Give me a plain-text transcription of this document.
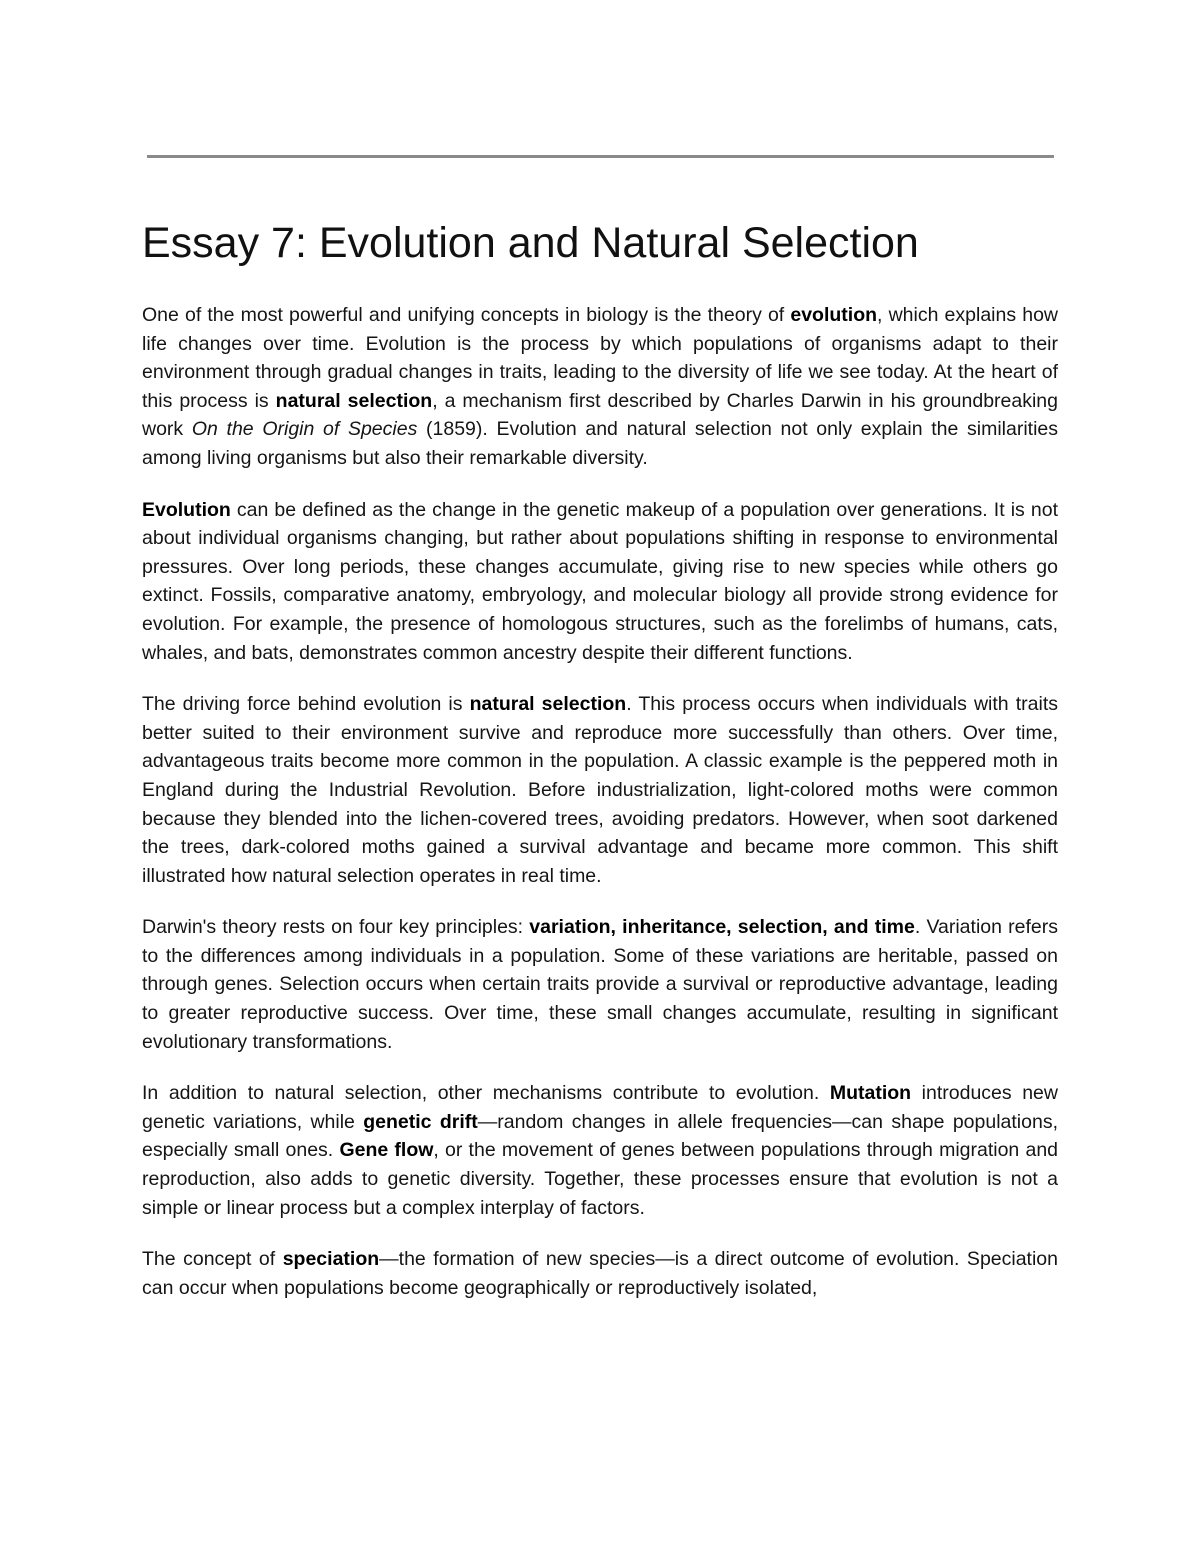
Essay 7: Evolution and Natural Selection

One of the most powerful and unifying concepts in biology is the theory of evolution, which explains how life changes over time. Evolution is the process by which populations of organisms adapt to their environment through gradual changes in traits, leading to the diversity of life we see today. At the heart of this process is natural selection, a mechanism first described by Charles Darwin in his groundbreaking work On the Origin of Species (1859). Evolution and natural selection not only explain the similarities among living organisms but also their remarkable diversity.

Evolution can be defined as the change in the genetic makeup of a population over generations. It is not about individual organisms changing, but rather about populations shifting in response to environmental pressures. Over long periods, these changes accumulate, giving rise to new species while others go extinct. Fossils, comparative anatomy, embryology, and molecular biology all provide strong evidence for evolution. For example, the presence of homologous structures, such as the forelimbs of humans, cats, whales, and bats, demonstrates common ancestry despite their different functions.

The driving force behind evolution is natural selection. This process occurs when individuals with traits better suited to their environment survive and reproduce more successfully than others. Over time, advantageous traits become more common in the population. A classic example is the peppered moth in England during the Industrial Revolution. Before industrialization, light-colored moths were common because they blended into the lichen-covered trees, avoiding predators. However, when soot darkened the trees, dark-colored moths gained a survival advantage and became more common. This shift illustrated how natural selection operates in real time.

Darwin's theory rests on four key principles: variation, inheritance, selection, and time. Variation refers to the differences among individuals in a population. Some of these variations are heritable, passed on through genes. Selection occurs when certain traits provide a survival or reproductive advantage, leading to greater reproductive success. Over time, these small changes accumulate, resulting in significant evolutionary transformations.

In addition to natural selection, other mechanisms contribute to evolution. Mutation introduces new genetic variations, while genetic drift—random changes in allele frequencies—can shape populations, especially small ones. Gene flow, or the movement of genes between populations through migration and reproduction, also adds to genetic diversity. Together, these processes ensure that evolution is not a simple or linear process but a complex interplay of factors.

The concept of speciation—the formation of new species—is a direct outcome of evolution. Speciation can occur when populations become geographically or reproductively isolated,
